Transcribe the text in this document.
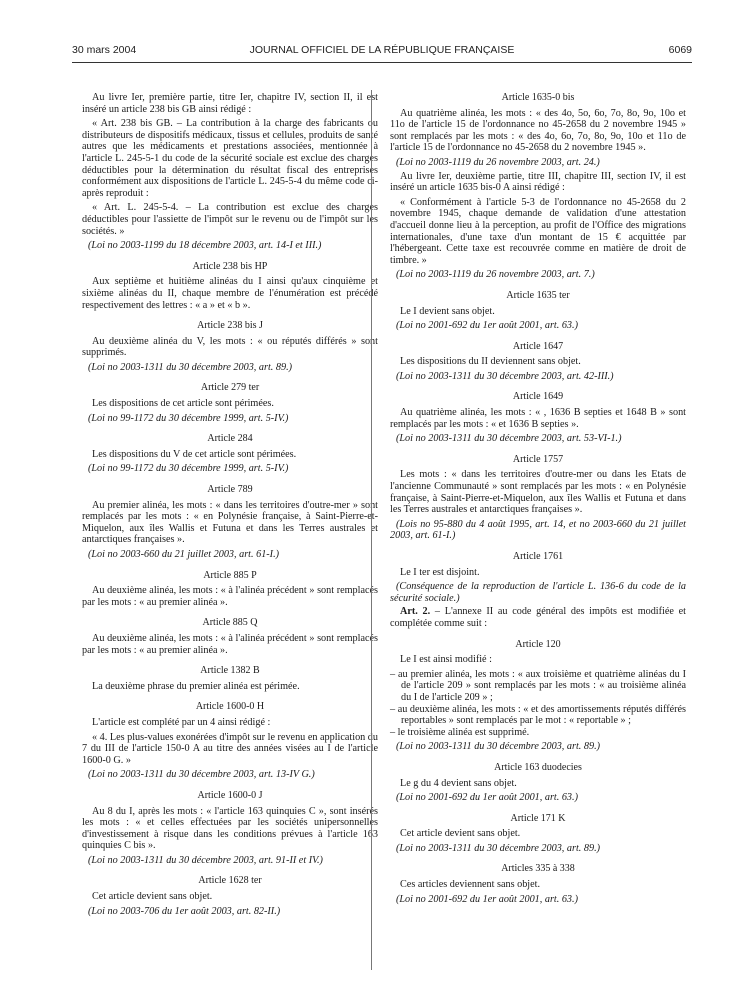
30 mars 2004	JOURNAL OFFICIEL DE LA RÉPUBLIQUE FRANÇAISE	6069

Au livre Ier, première partie, titre Ier, chapitre IV, section II, il est inséré un article 238 bis GB ainsi rédigé :

« Art. 238 bis GB. – La contribution à la charge des fabricants ou distributeurs de dispositifs médicaux, tissus et cellules, produits de santé autres que les médicaments et prestations associées, mentionnée à l'article L. 245-5-1 du code de la sécurité sociale est exclue des charges déductibles pour la détermination du résultat fiscal des entreprises conformément aux dispositions de l'article L. 245-5-4 du même code ci-après reproduit :

« Art. L. 245-5-4. – La contribution est exclue des charges déductibles pour l'assiette de l'impôt sur le revenu ou de l'impôt sur les sociétés. »

(Loi no 2003-1199 du 18 décembre 2003, art. 14-I et III.)

Article 238 bis HP

Aux septième et huitième alinéas du I ainsi qu'aux cinquième et sixième alinéas du II, chaque membre de l'énumération est précédé respectivement des lettres : « a » et « b ».

Article 238 bis J

Au deuxième alinéa du V, les mots : « ou réputés différés » sont supprimés.

(Loi no 2003-1311 du 30 décembre 2003, art. 89.)

Article 279 ter

Les dispositions de cet article sont périmées.

(Loi no 99-1172 du 30 décembre 1999, art. 5-IV.)

Article 284

Les dispositions du V de cet article sont périmées.

(Loi no 99-1172 du 30 décembre 1999, art. 5-IV.)

Article 789

Au premier alinéa, les mots : « dans les territoires d'outre-mer » sont remplacés par les mots : « en Polynésie française, à Saint-Pierre-et-Miquelon, aux îles Wallis et Futuna et dans les Terres australes et antarctiques françaises ».

(Loi no 2003-660 du 21 juillet 2003, art. 61-I.)

Article 885 P

Au deuxième alinéa, les mots : « à l'alinéa précédent » sont remplacés par les mots : « au premier alinéa ».

Article 885 Q

Au deuxième alinéa, les mots : « à l'alinéa précédent » sont remplacés par les mots : « au premier alinéa ».

Article 1382 B

La deuxième phrase du premier alinéa est périmée.

Article 1600-0 H

L'article est complété par un 4 ainsi rédigé :

« 4. Les plus-values exonérées d'impôt sur le revenu en application du 7 du III de l'article 150-0 A au titre des années visées au I de l'article 1600-0 G. »

(Loi no 2003-1311 du 30 décembre 2003, art. 13-IV G.)

Article 1600-0 J

Au 8 du I, après les mots : « l'article 163 quinquies C », sont insérés les mots : « et celles effectuées par les sociétés unipersonnelles d'investissement à risque dans les conditions prévues à l'article 163 quinquies C bis ».

(Loi no 2003-1311 du 30 décembre 2003, art. 91-II et IV.)

Article 1628 ter

Cet article devient sans objet.

(Loi no 2003-706 du 1er août 2003, art. 82-II.)

Article 1635-0 bis

Au quatrième alinéa, les mots : « des 4o, 5o, 6o, 7o, 8o, 9o, 10o et 11o de l'article 15 de l'ordonnance no 45-2658 du 2 novembre 1945 » sont remplacés par les mots : « des 4o, 6o, 7o, 8o, 9o, 10o et 11o de l'article 15 de l'ordonnance no 45-2658 du 2 novembre 1945 ».

(Loi no 2003-1119 du 26 novembre 2003, art. 24.)

Au livre Ier, deuxième partie, titre III, chapitre III, section IV, il est inséré un article 1635 bis-0 A ainsi rédigé :

« Conformément à l'article 5-3 de l'ordonnance no 45-2658 du 2 novembre 1945, chaque demande de validation d'une attestation d'accueil donne lieu à la perception, au profit de l'Office des migrations internationales, d'une taxe d'un montant de 15 € acquittée par l'hébergeant. Cette taxe est recouvrée comme en matière de droit de timbre. »

(Loi no 2003-1119 du 26 novembre 2003, art. 7.)

Article 1635 ter

Le I devient sans objet.

(Loi no 2001-692 du 1er août 2001, art. 63.)

Article 1647

Les dispositions du II deviennent sans objet.

(Loi no 2003-1311 du 30 décembre 2003, art. 42-III.)

Article 1649

Au quatrième alinéa, les mots : « , 1636 B septies et 1648 B » sont remplacés par les mots : « et 1636 B septies ».

(Loi no 2003-1311 du 30 décembre 2003, art. 53-VI-1.)

Article 1757

Les mots : « dans les territoires d'outre-mer ou dans les Etats de l'ancienne Communauté » sont remplacés par les mots : « en Polynésie française, à Saint-Pierre-et-Miquelon, aux îles Wallis et Futuna et dans les Terres australes et antarctiques françaises ».

(Lois no 95-880 du 4 août 1995, art. 14, et no 2003-660 du 21 juillet 2003, art. 61-I.)

Article 1761

Le I ter est disjoint.

(Conséquence de la reproduction de l'article L. 136-6 du code de la sécurité sociale.)

Art. 2. – L'annexe II au code général des impôts est modifiée et complétée comme suit :

Article 120

Le I est ainsi modifié :

– au premier alinéa, les mots : « aux troisième et quatrième alinéas du I de l'article 209 » sont remplacés par les mots : « au troisième alinéa du I de l'article 209 » ;
– au deuxième alinéa, les mots : « et des amortissements réputés différés reportables » sont remplacés par le mot : « reportable » ;
– le troisième alinéa est supprimé.

(Loi no 2003-1311 du 30 décembre 2003, art. 89.)

Article 163 duodecies

Le g du 4 devient sans objet.

(Loi no 2001-692 du 1er août 2001, art. 63.)

Article 171 K

Cet article devient sans objet.

(Loi no 2003-1311 du 30 décembre 2003, art. 89.)

Articles 335 à 338

Ces articles deviennent sans objet.

(Loi no 2001-692 du 1er août 2001, art. 63.)
